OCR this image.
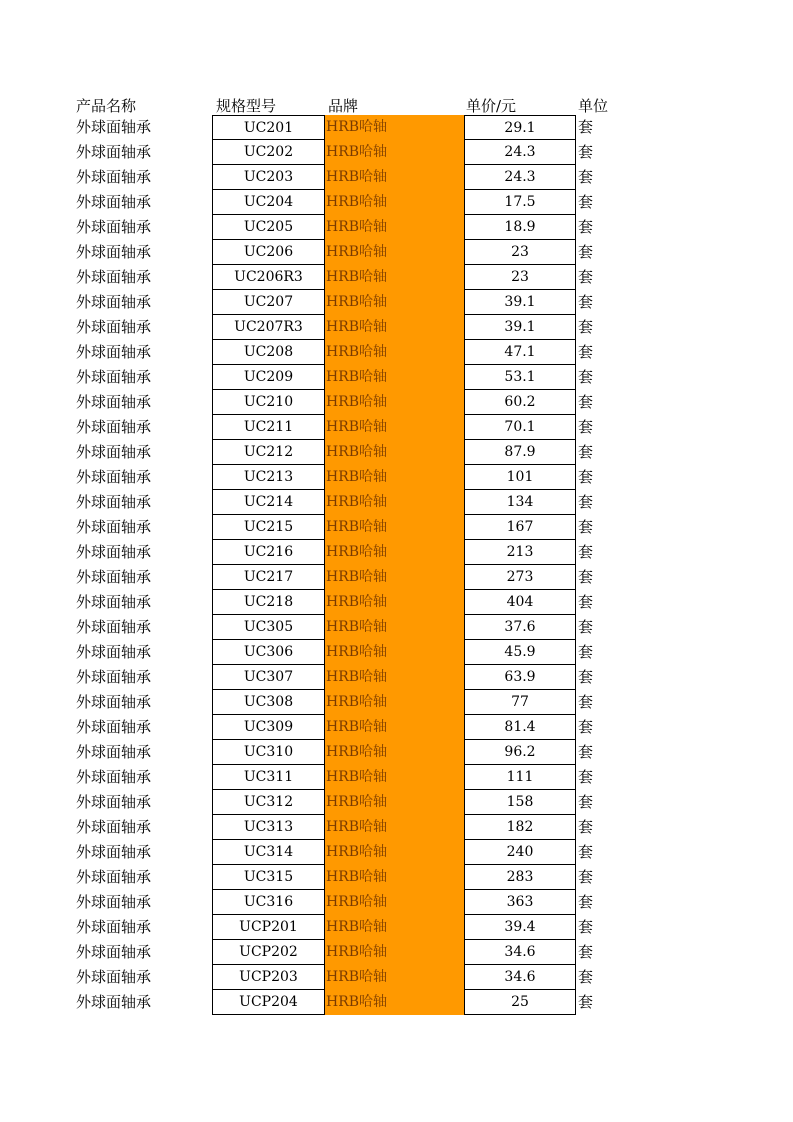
产品名称	规格型号	品牌	单价/元	单位
外球面轴承	UC201	HRB哈轴	29.1	套
外球面轴承	UC202	HRB哈轴	24.3	套
外球面轴承	UC203	HRB哈轴	24.3	套
外球面轴承	UC204	HRB哈轴	17.5	套
外球面轴承	UC205	HRB哈轴	18.9	套
外球面轴承	UC206	HRB哈轴	23	套
外球面轴承	UC206R3	HRB哈轴	23	套
外球面轴承	UC207	HRB哈轴	39.1	套
外球面轴承	UC207R3	HRB哈轴	39.1	套
外球面轴承	UC208	HRB哈轴	47.1	套
外球面轴承	UC209	HRB哈轴	53.1	套
外球面轴承	UC210	HRB哈轴	60.2	套
外球面轴承	UC211	HRB哈轴	70.1	套
外球面轴承	UC212	HRB哈轴	87.9	套
外球面轴承	UC213	HRB哈轴	101	套
外球面轴承	UC214	HRB哈轴	134	套
外球面轴承	UC215	HRB哈轴	167	套
外球面轴承	UC216	HRB哈轴	213	套
外球面轴承	UC217	HRB哈轴	273	套
外球面轴承	UC218	HRB哈轴	404	套
外球面轴承	UC305	HRB哈轴	37.6	套
外球面轴承	UC306	HRB哈轴	45.9	套
外球面轴承	UC307	HRB哈轴	63.9	套
外球面轴承	UC308	HRB哈轴	77	套
外球面轴承	UC309	HRB哈轴	81.4	套
外球面轴承	UC310	HRB哈轴	96.2	套
外球面轴承	UC311	HRB哈轴	111	套
外球面轴承	UC312	HRB哈轴	158	套
外球面轴承	UC313	HRB哈轴	182	套
外球面轴承	UC314	HRB哈轴	240	套
外球面轴承	UC315	HRB哈轴	283	套
外球面轴承	UC316	HRB哈轴	363	套
外球面轴承	UCP201	HRB哈轴	39.4	套
外球面轴承	UCP202	HRB哈轴	34.6	套
外球面轴承	UCP203	HRB哈轴	34.6	套
外球面轴承	UCP204	HRB哈轴	25	套
